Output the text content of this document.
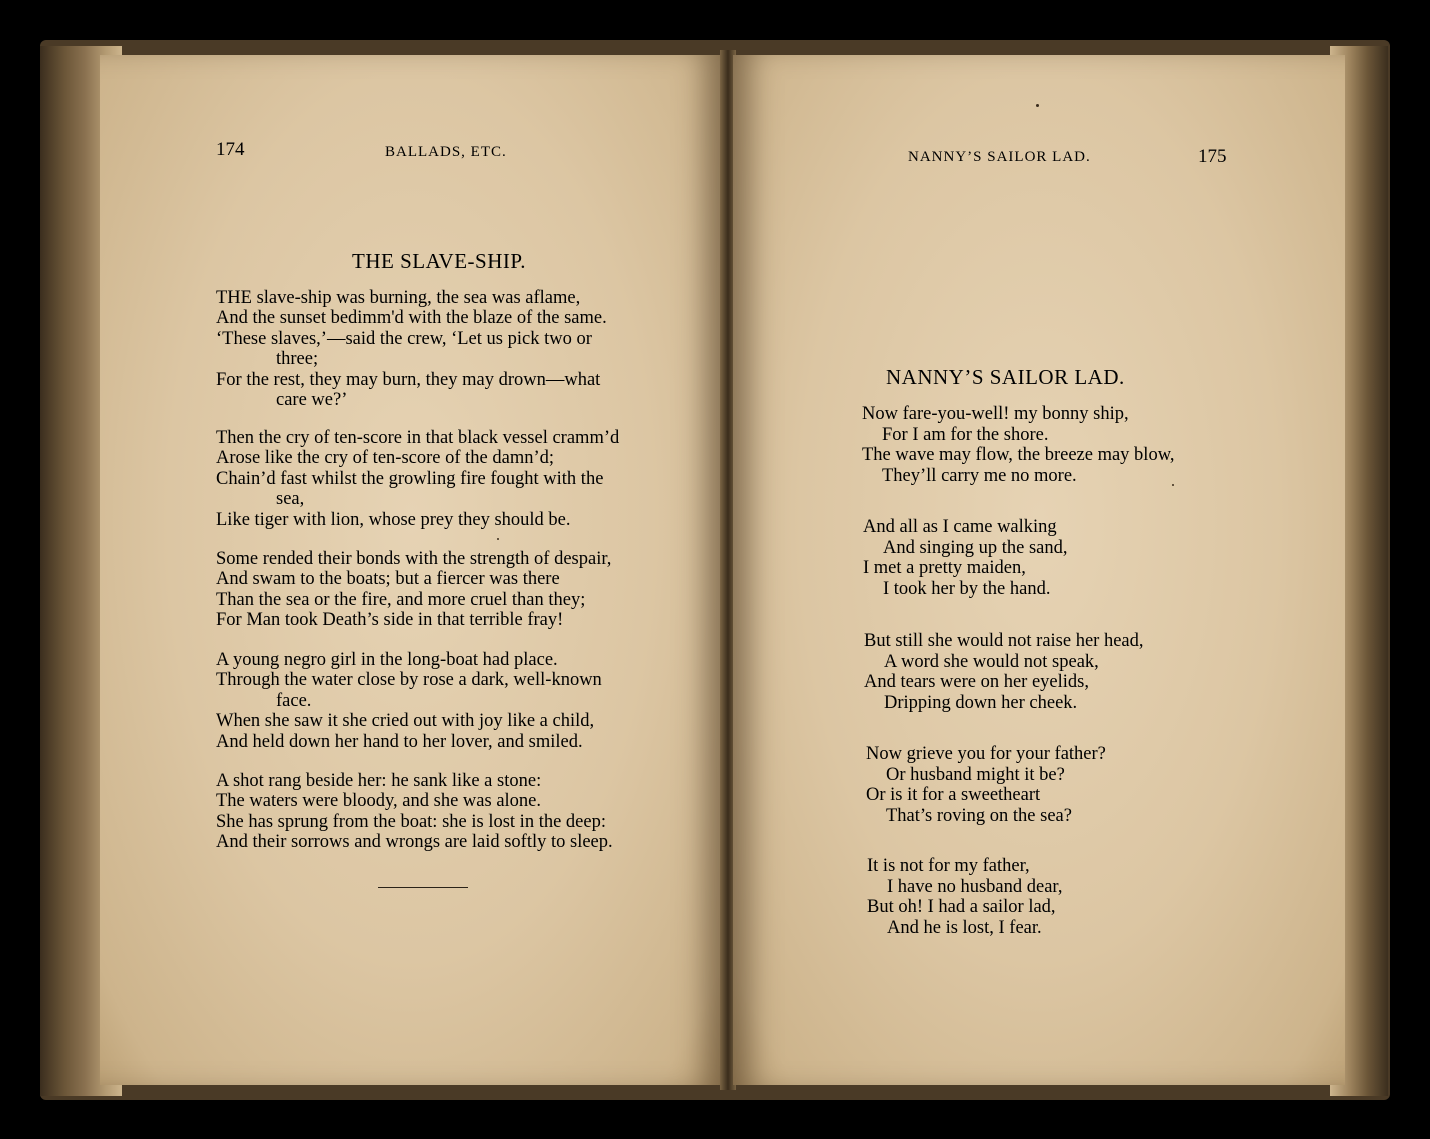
174	BALLADS, ETC.
THE SLAVE-SHIP.
THE slave-ship was burning, the sea was aflame,
And the sunset bedimm'd with the blaze of the same.
‘These slaves,’—said the crew, ‘Let us pick two or
three;
For the rest, they may burn, they may drown—what
care we?’
Then the cry of ten-score in that black vessel cramm’d
Arose like the cry of ten-score of the damn’d;
Chain’d fast whilst the growling fire fought with the
sea,
Like tiger with lion, whose prey they should be.
Some rended their bonds with the strength of despair,
And swam to the boats; but a fiercer was there
Than the sea or the fire, and more cruel than they;
For Man took Death’s side in that terrible fray!
A young negro girl in the long-boat had place.
Through the water close by rose a dark, well-known
face.
When she saw it she cried out with joy like a child,
And held down her hand to her lover, and smiled.
A shot rang beside her: he sank like a stone:
The waters were bloody, and she was alone.
She has sprung from the boat: she is lost in the deep:
And their sorrows and wrongs are laid softly to sleep.
NANNY’S SAILOR LAD.	175
NANNY’S SAILOR LAD.
Now fare-you-well! my bonny ship,
For I am for the shore.
The wave may flow, the breeze may blow,
They’ll carry me no more.
And all as I came walking
And singing up the sand,
I met a pretty maiden,
I took her by the hand.
But still she would not raise her head,
A word she would not speak,
And tears were on her eyelids,
Dripping down her cheek.
Now grieve you for your father?
Or husband might it be?
Or is it for a sweetheart
That’s roving on the sea?
It is not for my father,
I have no husband dear,
But oh! I had a sailor lad,
And he is lost, I fear.
